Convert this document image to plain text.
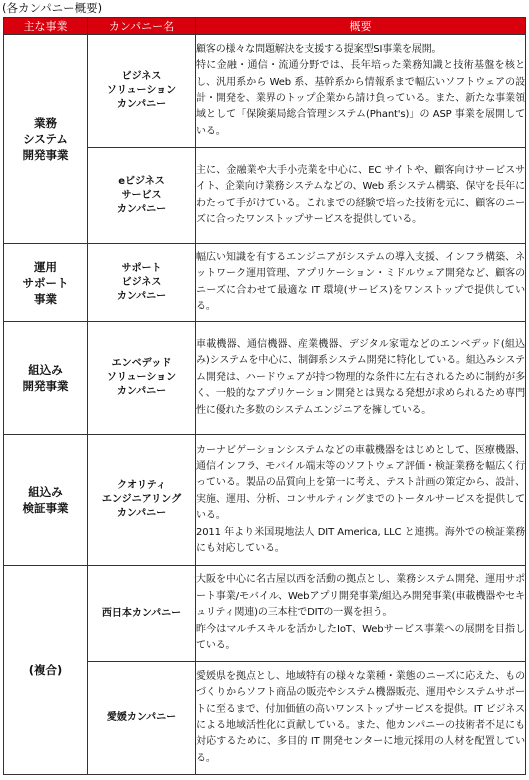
(各カンパニー概要)
主な事業	カンパニー名	概要
業務
システム
開発事業	ビジネス
ソリューション
カンパニー	顧客の様々な問題解決を支援する提案型SI事業を展開。
特に金融・通信・流通分野では、長年培った業務知識と技術基盤を核とし、汎用系から Web 系、基幹系から情報系まで幅広いソフトウェアの設計・開発を、業界のトップ企業から請け負っている。また、新たな事業領域として「保険薬局総合管理システム(Phant's)」の ASP 事業を展開している。
	eビジネス
サービス
カンパニー	主に、金融業や大手小売業を中心に、EC サイトや、顧客向けサービスサイト、企業向け業務システムなどの、Web 系システム構築、保守を長年にわたって手がけている。これまでの経験で培った技術を元に、顧客のニーズに合ったワンストップサービスを提供している。
運用
サポート
事業	サポート
ビジネス
カンパニー	幅広い知識を有するエンジニアがシステムの導入支援、インフラ構築、ネットワーク運用管理、アプリケーション・ミドルウェア開発など、顧客のニーズに合わせて最適な IT 環境(サービス)をワンストップで提供している。
組込み
開発事業	エンベデッド
ソリューション
カンパニー	車載機器、通信機器、産業機器、デジタル家電などのエンベデッド(組込み)システムを中心に、制御系システム開発に特化している。組込みシステム開発は、ハードウェアが持つ物理的な条件に左右されるために制約が多く、一般的なアプリケーション開発とは異なる発想が求められるため専門性に優れた多数のシステムエンジニアを擁している。
組込み
検証事業	クオリティ
エンジニアリング
カンパニー	カーナビゲーションシステムなどの車載機器をはじめとして、医療機器、通信インフラ、モバイル端末等のソフトウェア評価・検証業務を幅広く行っている。製品の品質向上を第一に考え、テスト計画の策定から、設計、実施、運用、分析、コンサルティングまでのトータルサービスを提供している。
2011 年より米国現地法人 DIT America, LLC と連携。海外での検証業務にも対応している。
(複合)	西日本カンパニー	大阪を中心に名古屋以西を活動の拠点とし、業務システム開発、運用サポート事業/モバイル、Webアプリ開発事業/組込み開発事業(車載機器やセキュリティ関連)の三本柱でDITの一翼を担う。
昨今はマルチスキルを活かしたIoT、Webサービス事業への展開を目指している。
	愛媛カンパニー	愛媛県を拠点とし、地域特有の様々な業種・業態のニーズに応えた、ものづくりからソフト商品の販売やシステム機器販売、運用やシステムサポートに至るまで、付加価値の高いワンストップサービスを提供。IT ビジネスによる地域活性化に貢献している。また、他カンパニーの技術者不足にも対応するために、多目的 IT 開発センターに地元採用の人材を配置している。
